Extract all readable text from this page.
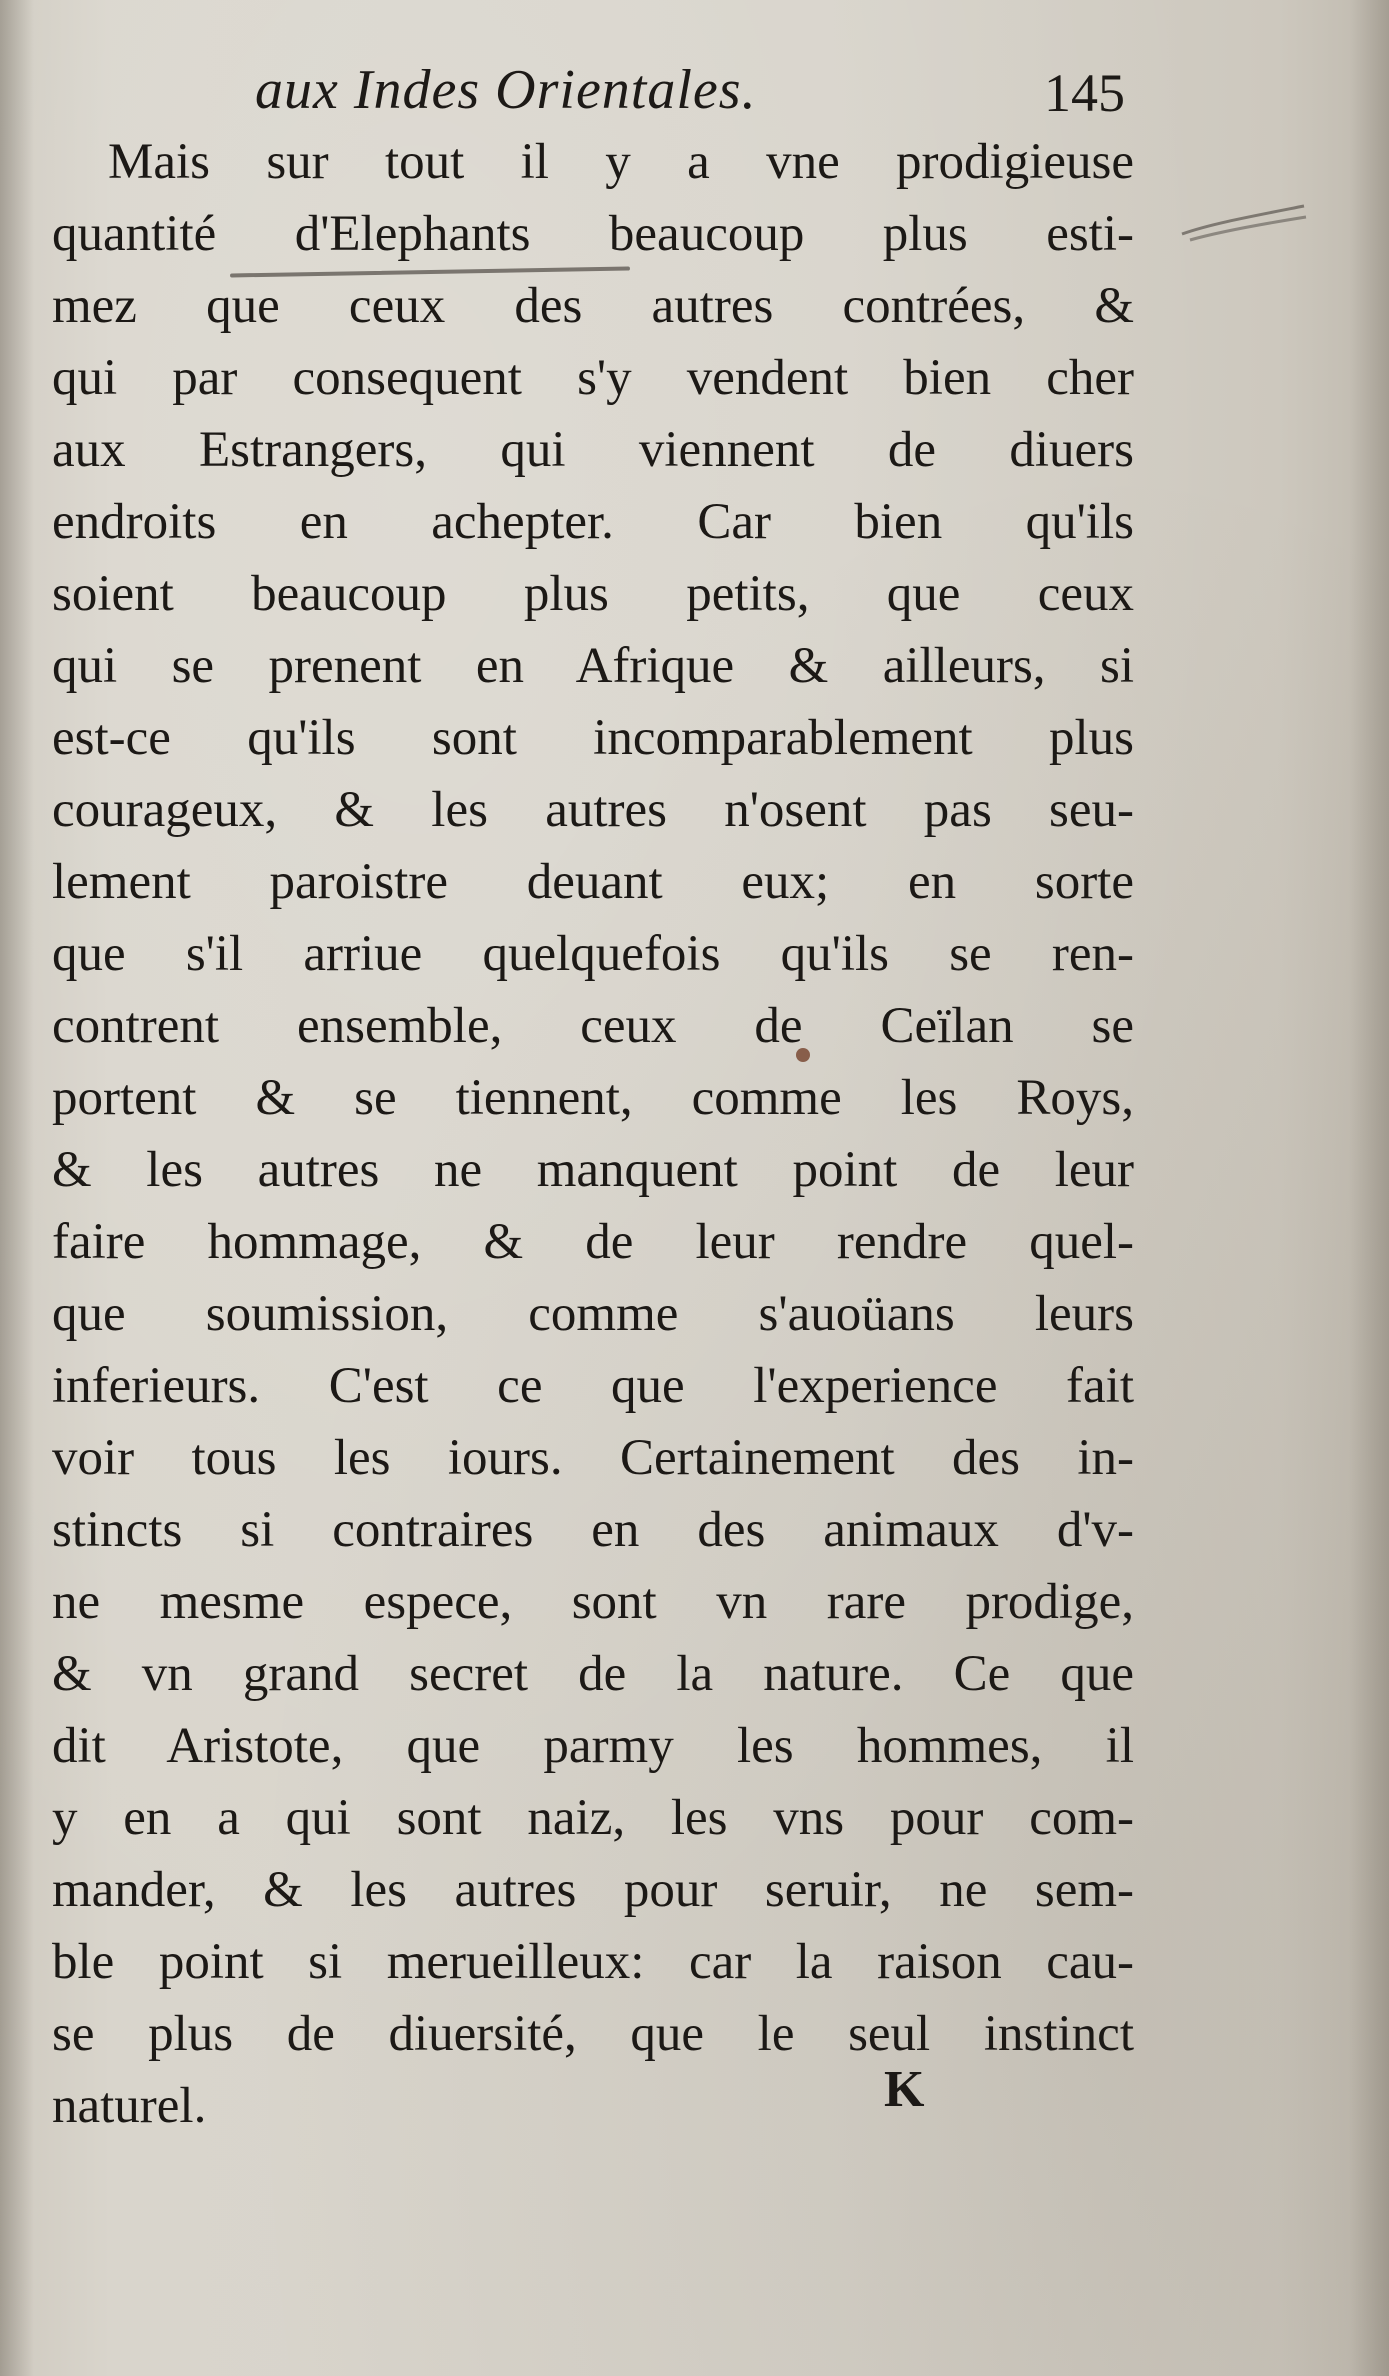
aux Indes Orientales.	145
Mais sur tout il y a vne prodigieuse
quantité d'Elephants beaucoup plus esti-
mez que ceux des autres contrées, &
qui par consequent s'y vendent bien cher
aux Estrangers, qui viennent de diuers
endroits en achepter. Car bien qu'ils
soient beaucoup plus petits, que ceux
qui se prenent en Afrique & ailleurs, si
est-ce qu'ils sont incomparablement plus
courageux, & les autres n'osent pas seu-
lement paroistre deuant eux; en sorte
que s'il arriue quelquefois qu'ils se ren-
contrent ensemble, ceux de Ceïlan se
portent & se tiennent, comme les Roys,
& les autres ne manquent point de leur
faire hommage, & de leur rendre quel-
que soumission, comme s'auoüans leurs
inferieurs. C'est ce que l'experience fait
voir tous les iours. Certainement des in-
stincts si contraires en des animaux d'v-
ne mesme espece, sont vn rare prodige,
& vn grand secret de la nature. Ce que
dit Aristote, que parmy les hommes, il
y en a qui sont naiz, les vns pour com-
mander, & les autres pour seruir, ne sem-
ble point si merueilleux: car la raison cau-
se plus de diuersité, que le seul instinct
naturel.	K
